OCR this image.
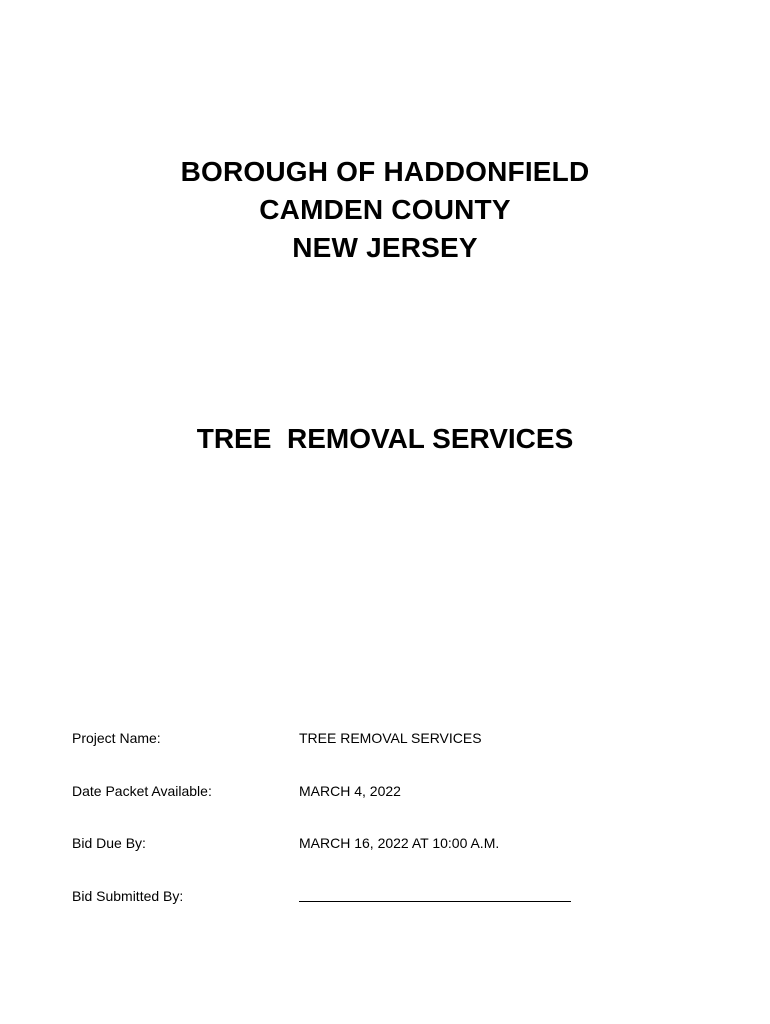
BOROUGH OF HADDONFIELD
CAMDEN COUNTY
NEW JERSEY
TREE  REMOVAL SERVICES
Project Name:	TREE REMOVAL SERVICES
Date Packet Available:	MARCH 4, 2022
Bid Due By:	MARCH 16, 2022 AT 10:00 A.M.
Bid Submitted By:
